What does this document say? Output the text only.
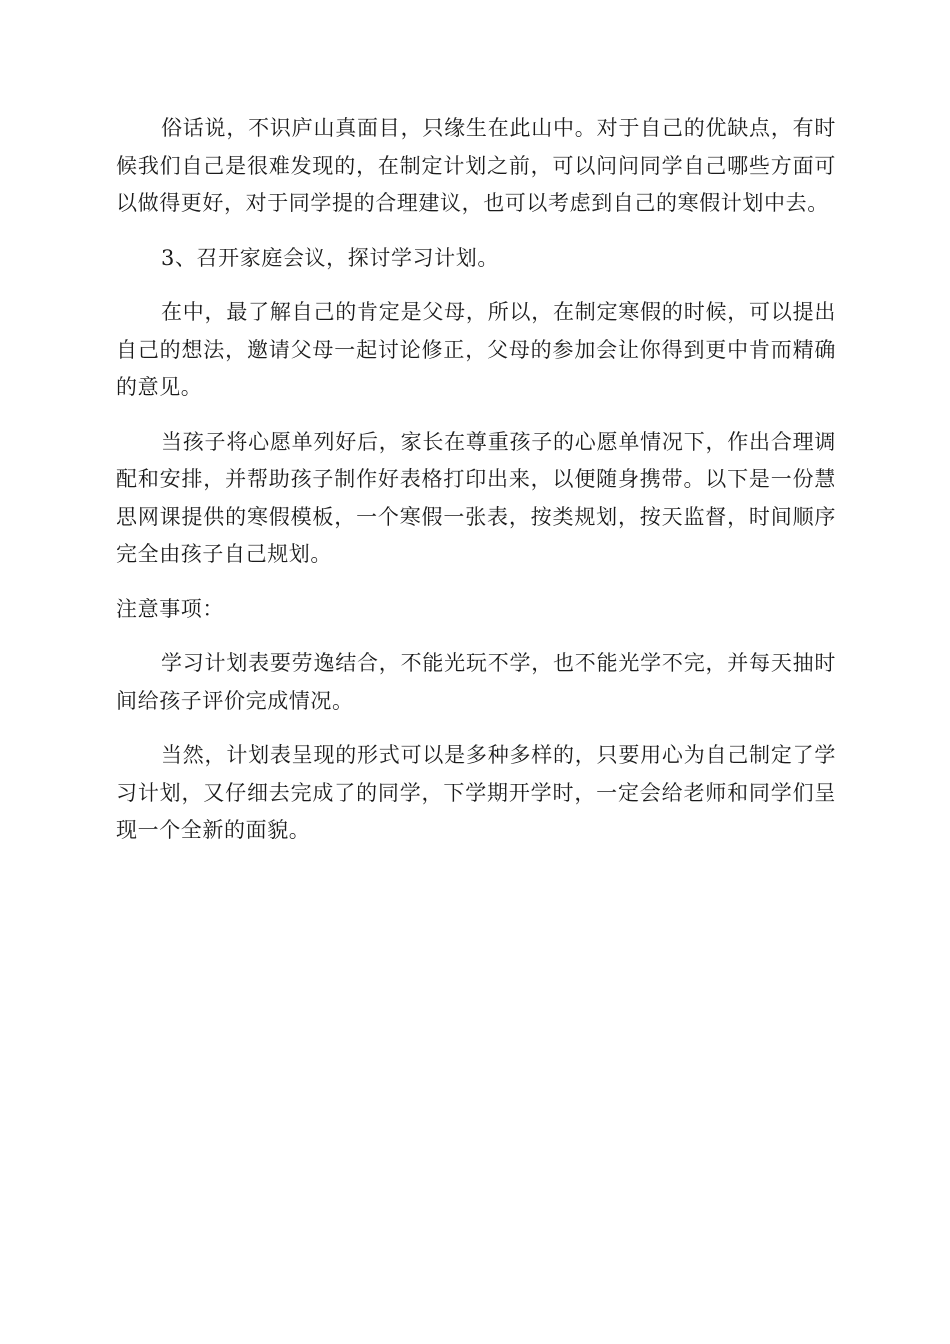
俗话说，不识庐山真面目，只缘生在此山中。对于自己的优缺点，有时候我们自己是很难发现的，在制定计划之前，可以问问同学自己哪些方面可以做得更好，对于同学提的合理建议，也可以考虑到自己的寒假计划中去。

3、召开家庭会议，探讨学习计划。

在中，最了解自己的肯定是父母，所以，在制定寒假的时候，可以提出自己的想法，邀请父母一起讨论修正，父母的参加会让你得到更中肯而精确的意见。

当孩子将心愿单列好后，家长在尊重孩子的心愿单情况下，作出合理调配和安排，并帮助孩子制作好表格打印出来，以便随身携带。以下是一份慧思网课提供的寒假模板，一个寒假一张表，按类规划，按天监督，时间顺序完全由孩子自己规划。

注意事项：

学习计划表要劳逸结合，不能光玩不学，也不能光学不完，并每天抽时间给孩子评价完成情况。

当然，计划表呈现的形式可以是多种多样的，只要用心为自己制定了学习计划，又仔细去完成了的同学，下学期开学时，一定会给老师和同学们呈现一个全新的面貌。
